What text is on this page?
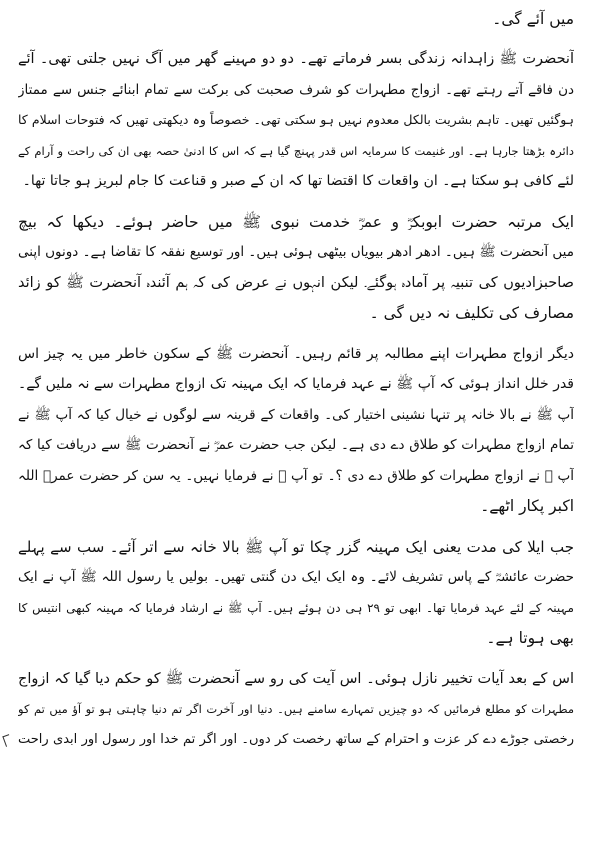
میں آئے گی۔
آنحضرت ﷺ زاہدانہ زندگی بسر فرماتے تھے۔ دو دو مہینے گھر میں آگ نہیں جلتی تھی۔ آئے
دن فاقے آتے رہتے تھے۔ ازواج مطہرات کو شرف صحبت کی برکت سے تمام ابنائے جنس سے ممتاز
ہوگئیں تھیں۔ تاہم بشریت بالکل معدوم نہیں ہو سکتی تھی۔ خصوصاً وہ دیکھتی تھیں کہ فتوحات اسلام کا
دائرہ بڑھتا جارہا ہے۔ اور غنیمت کا سرمایہ اس قدر پہنچ گیا ہے کہ اس کا ادنیٰ حصہ بھی ان کی راحت و آرام کے
لئے کافی ہو سکتا ہے۔ ان واقعات کا اقتضا تھا کہ ان کے صبر و قناعت کا جام لبریز ہو جاتا تھا۔
ایک مرتبہ حضرت ابوبکرؓ و عمرؓ خدمت نبوی ﷺ میں حاضر ہوئے۔ دیکھا کہ بیچ
میں آنحضرت ﷺ ہیں۔ ادھر ادھر بیویاں بیٹھی ہوئی ہیں۔ اور توسیع نفقہ کا تقاضا ہے۔ دونوں اپنی
صاحبزادیوں کی تنبیہ پر آمادہ ہوگئے۔ لیکن انہوں نے عرض کی کہ ہم آئندہ آنحضرت ﷺ کو زائد
مصارف کی تکلیف نہ دیں گی ۔
دیگر ازواج مطہرات اپنے مطالبہ پر قائم رہیں۔ آنحضرت ﷺ کے سکون خاطر میں یہ چیز اس
قدر خلل انداز ہوئی کہ آپ ﷺ نے عہد فرمایا کہ ایک مہینہ تک ازواج مطہرات سے نہ ملیں گے۔
آپ ﷺ نے بالا خانہ پر تنہا نشینی اختیار کی۔ واقعات کے قرینہ سے لوگوں نے خیال کیا کہ آپ ﷺ نے
تمام ازواج مطہرات کو طلاق دے دی ہے۔ لیکن جب حضرت عمرؓ نے آنحضرت ﷺ سے دریافت کیا کہ
آپ ﷺ نے ازواج مطہرات کو طلاق دے دی ؟۔ تو آپ ﷺ نے فرمایا نہیں۔ یہ سن کر حضرت عمرؓ اللہ
اکبر پکار اٹھے۔
جب ایلا کی مدت یعنی ایک مہینہ گزر چکا تو آپ ﷺ بالا خانہ سے اتر آئے۔ سب سے پہلے
حضرت عائشہؓ کے پاس تشریف لائے۔ وہ ایک ایک دن گنتی تھیں۔ بولیں یا رسول اللہ ﷺ آپ نے ایک
مہینہ کے لئے عہد فرمایا تھا۔ ابھی تو ۲۹ ہی دن ہوئے ہیں۔ آپ ﷺ نے ارشاد فرمایا کہ مہینہ کبھی انتیس کا
بھی ہوتا ہے۔
اس کے بعد آیات تخییر نازل ہوئی۔ اس آیت کی رو سے آنحضرت ﷺ کو حکم دیا گیا کہ ازواج
مطہرات کو مطلع فرمائیں کہ دو چیزیں تمہارے سامنے ہیں۔ دنیا اور آخرت اگر تم دنیا چاہتی ہو تو آؤ میں تم کو
رخصتی جوڑے دے کر عزت و احترام کے ساتھ رخصت کر دوں۔ اور اگر تم خدا اور رسول اور ابدی راحت
